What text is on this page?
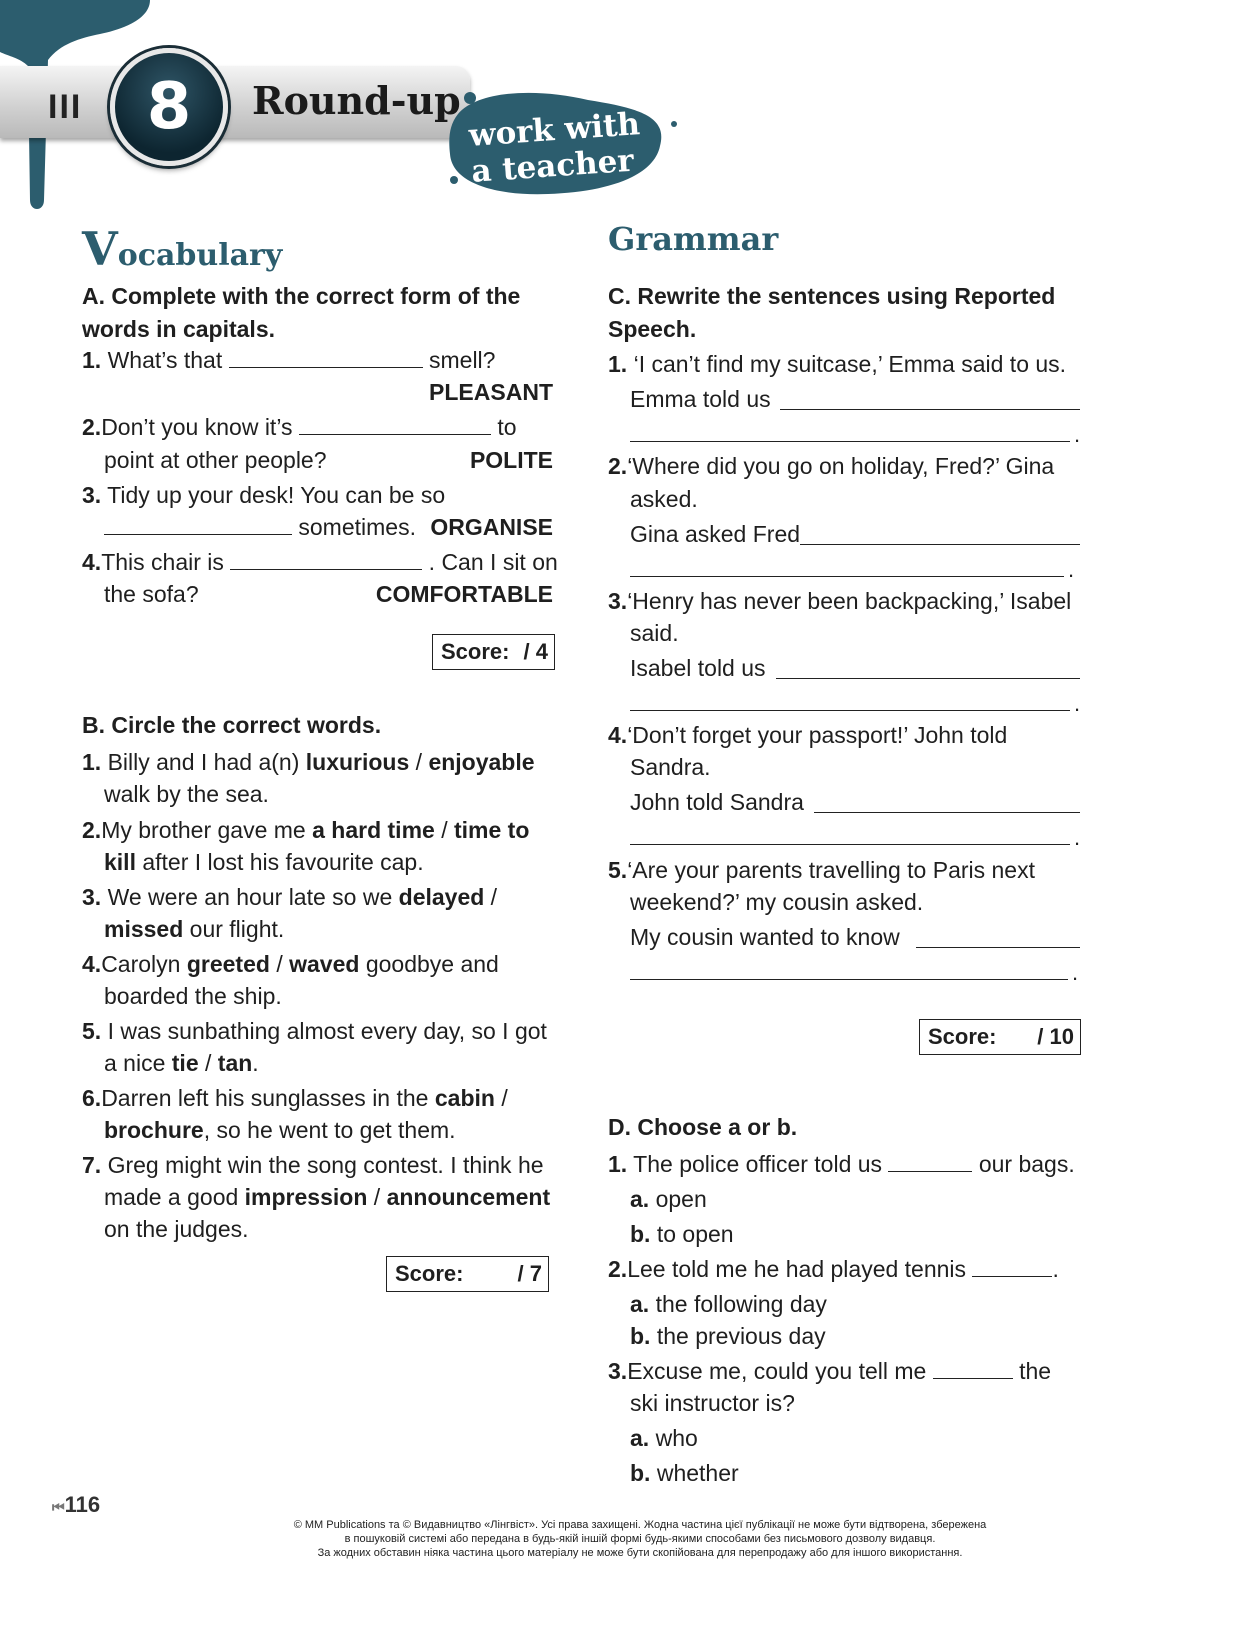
III	8	Round-up
work with
a teacher
Vocabulary
A. Complete with the correct form of the
words in capitals.
1. What’s that	smell?
PLEASANT
2.Don’t you know it’s	to
point at other people?	POLITE
3. Tidy up your desk! You can be so
sometimes. ORGANISE
4.This chair is	. Can I sit on
the sofa?	COMFORTABLE
Score: / 4
B. Circle the correct words.
1. Billy and I had a(n) luxurious / enjoyable
walk by the sea.
2.My brother gave me a hard time / time to
kill after I lost his favourite cap.
3. We were an hour late so we delayed /
missed our flight.
4.Carolyn greeted / waved goodbye and
boarded the ship.
5. I was sunbathing almost every day, so I got
a nice tie / tan.
6.Darren left his sunglasses in the cabin /
brochure, so he went to get them.
7. Greg might win the song contest. I think he
made a good impression / announcement
on the judges.
Score: / 7
Grammar
C. Rewrite the sentences using Reported
Speech.
1. ‘I can’t find my suitcase,’ Emma said to us.
Emma told us
.
2.‘Where did you go on holiday, Fred?’ Gina
asked.
Gina asked Fred
.
3.‘Henry has never been backpacking,’ Isabel
said.
Isabel told us
.
4.‘Don’t forget your passport!’ John told
Sandra.
John told Sandra
.
5.‘Are your parents travelling to Paris next
weekend?’ my cousin asked.
My cousin wanted to know
.
Score: / 10
D. Choose a or b.
1. The police officer told us	our bags.
a. open
b. to open
2.Lee told me he had played tennis	.
a. the following day
b. the previous day
3.Excuse me, could you tell me	the
ski instructor is?
a. who
b. whether
⏮116
© MM Publications та © Видавництво «Лінгвіст». Усі права захищені. Жодна частина цієї публікації не може бути відтворена, збережена
в пошуковій системі або передана в будь-якій іншій формі будь-якими способами без письмового дозволу видавця.
За жодних обставин ніяка частина цього матеріалу не може бути скопійована для перепродажу або для іншого використання.
